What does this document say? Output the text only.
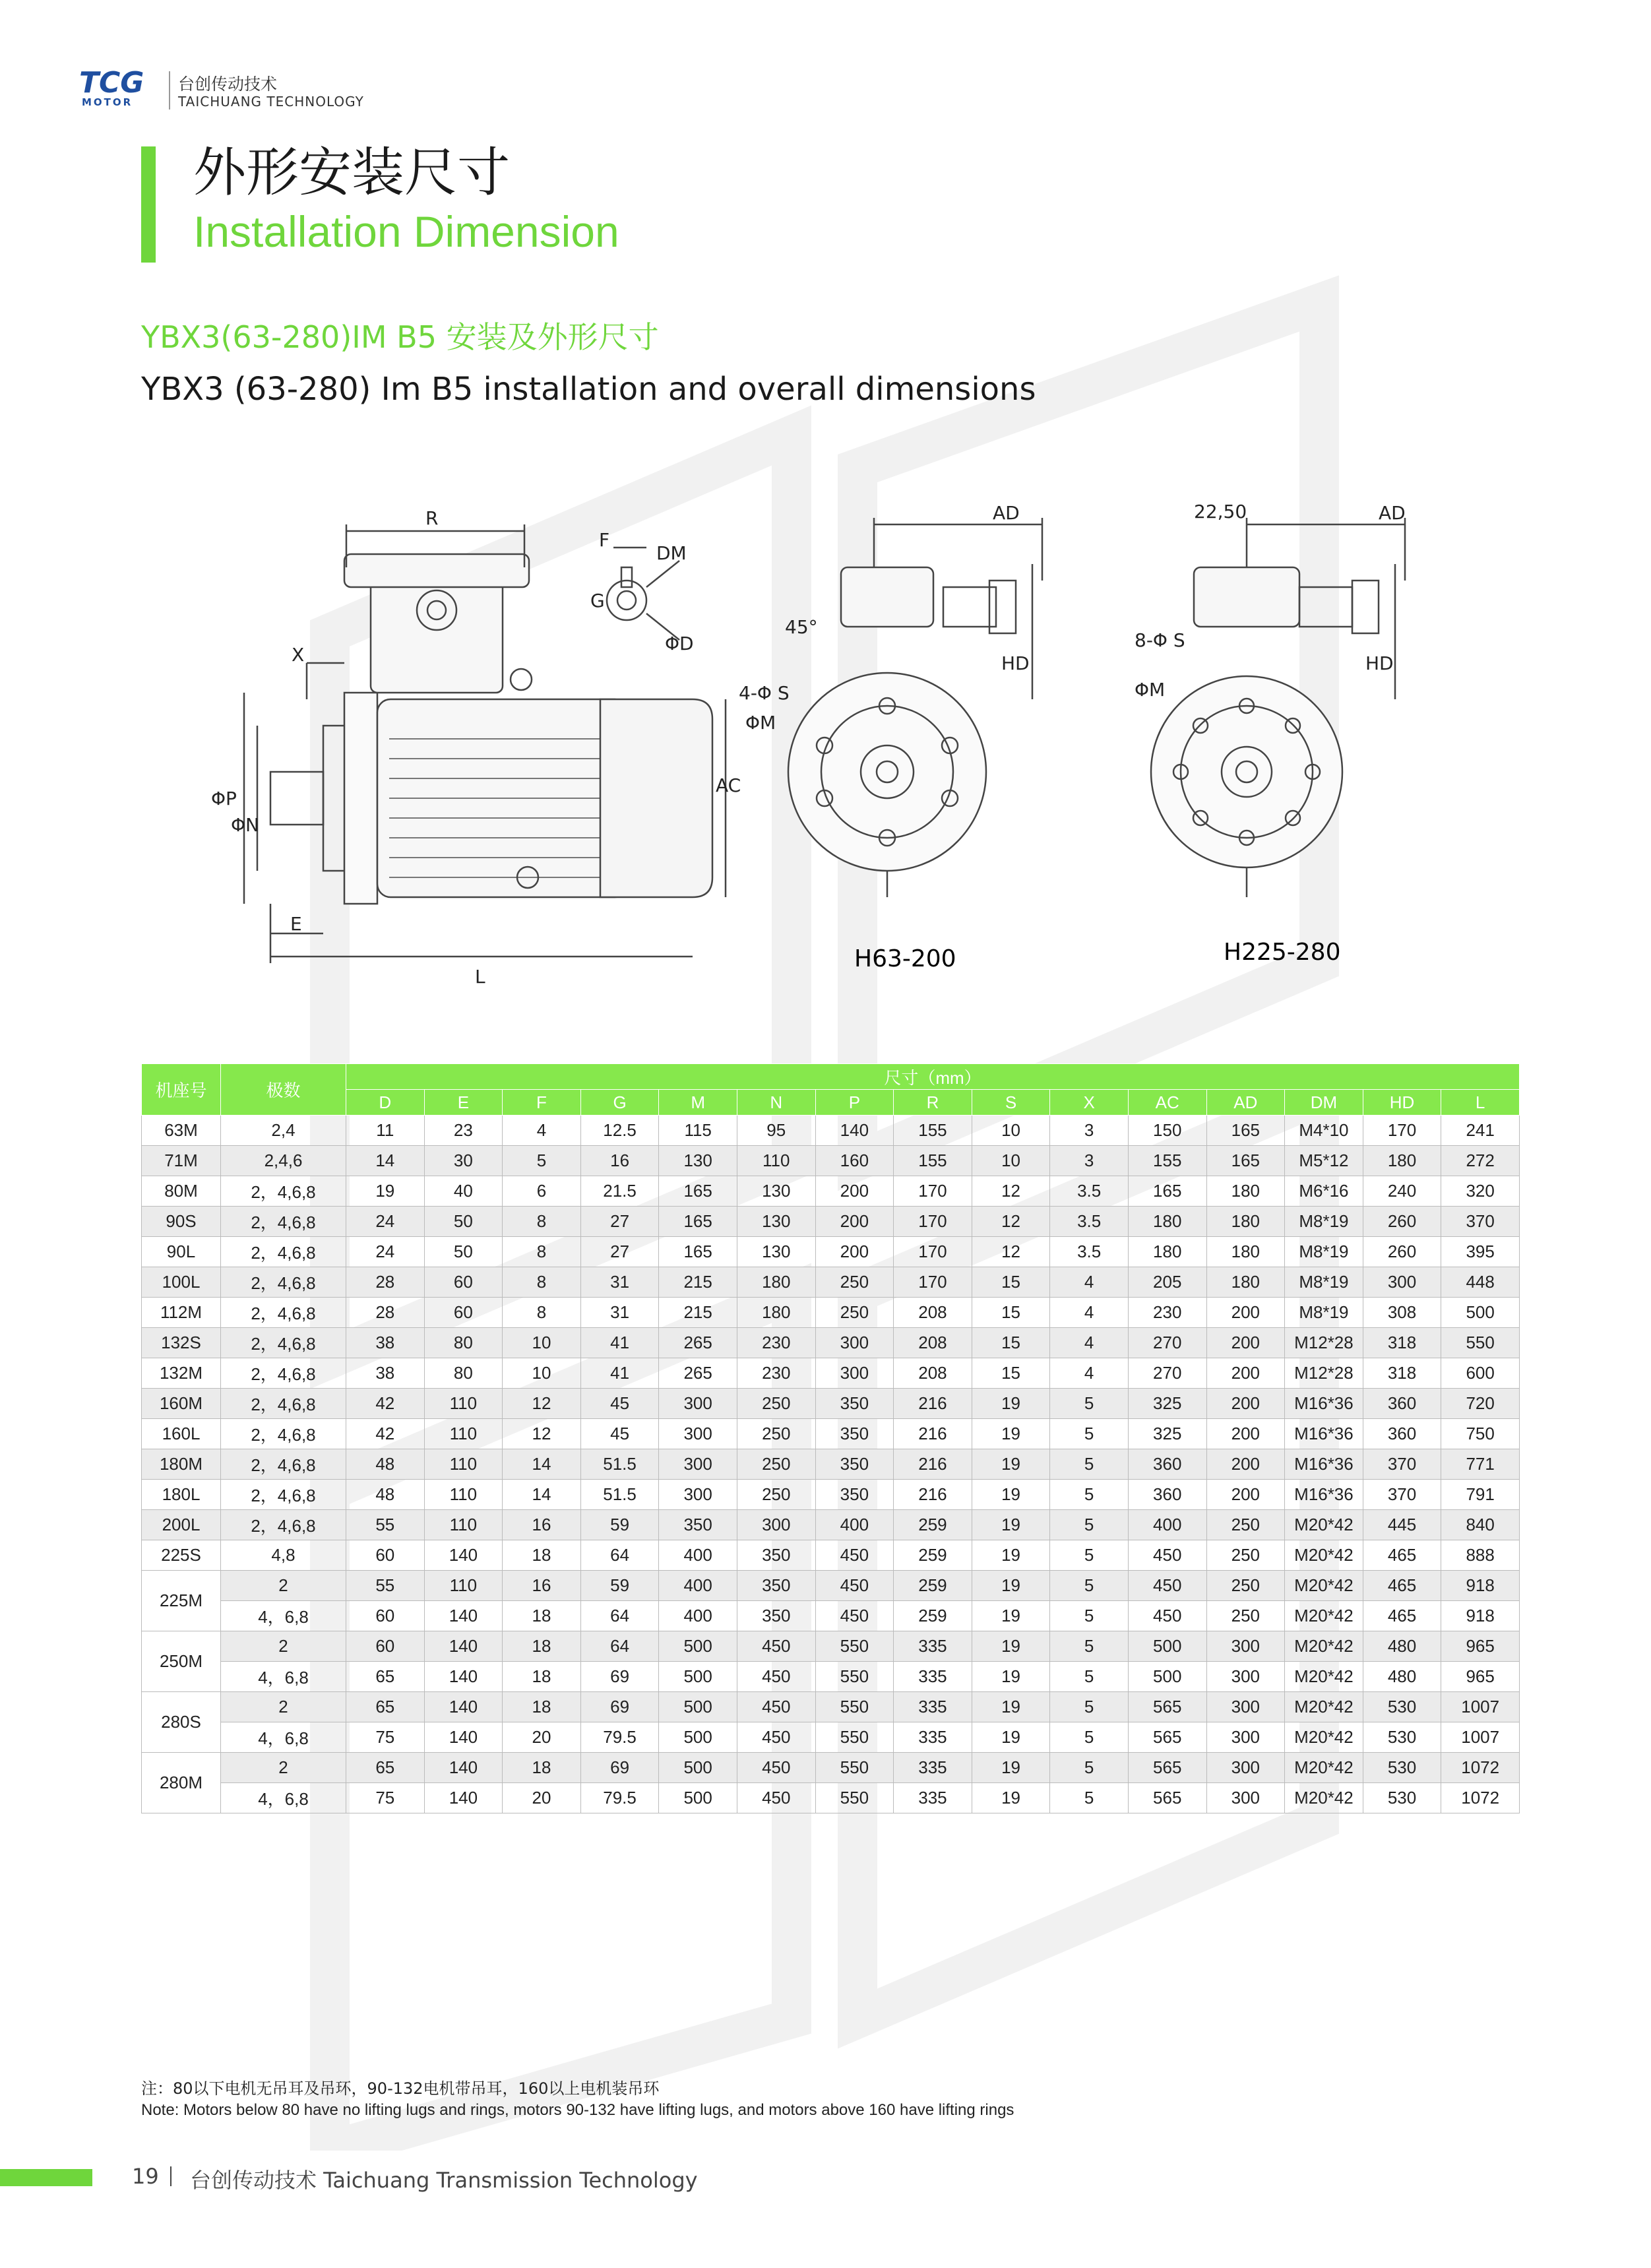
TCG
MOTOR
台创传动技术
TAICHUANG TECHNOLOGY
外形安装尺寸
Installation Dimension
YBX3(63-280)IM B5 安装及外形尺寸
YBX3 (63-280) Im B5 installation and overall dimensions
R
X
F
DM
G
ΦD
ΦP
ΦN
E
L
AC
AD
HD
45°
4-Φ S
ΦM
22,50	AD
HD
8-Φ S
ΦM
H63-200	H225-280
机座号	极数	尺寸（mm）														
		D	E	F	G	M	N	P	R	S	X	AC	AD	DM	HD	L
63M	2,4	11	23	4	12.5	115	95	140	155	10	3	150	165	M4*10	170	241
71M	2,4,6	14	30	5	16	130	110	160	155	10	3	155	165	M5*12	180	272
80M	2，4,6,8	19	40	6	21.5	165	130	200	170	12	3.5	165	180	M6*16	240	320
90S	2，4,6,8	24	50	8	27	165	130	200	170	12	3.5	180	180	M8*19	260	370
90L	2，4,6,8	24	50	8	27	165	130	200	170	12	3.5	180	180	M8*19	260	395
100L	2，4,6,8	28	60	8	31	215	180	250	170	15	4	205	180	M8*19	300	448
112M	2，4,6,8	28	60	8	31	215	180	250	208	15	4	230	200	M8*19	308	500
132S	2，4,6,8	38	80	10	41	265	230	300	208	15	4	270	200	M12*28	318	550
132M	2，4,6,8	38	80	10	41	265	230	300	208	15	4	270	200	M12*28	318	600
160M	2，4,6,8	42	110	12	45	300	250	350	216	19	5	325	200	M16*36	360	720
160L	2，4,6,8	42	110	12	45	300	250	350	216	19	5	325	200	M16*36	360	750
180M	2，4,6,8	48	110	14	51.5	300	250	350	216	19	5	360	200	M16*36	370	771
180L	2，4,6,8	48	110	14	51.5	300	250	350	216	19	5	360	200	M16*36	370	791
200L	2，4,6,8	55	110	16	59	350	300	400	259	19	5	400	250	M20*42	445	840
225S	4,8	60	140	18	64	400	350	450	259	19	5	450	250	M20*42	465	888
225M	2	55	110	16	59	400	350	450	259	19	5	450	250	M20*42	465	918
	4，6,8	60	140	18	64	400	350	450	259	19	5	450	250	M20*42	465	918
250M	2	60	140	18	64	500	450	550	335	19	5	500	300	M20*42	480	965
	4，6,8	65	140	18	69	500	450	550	335	19	5	500	300	M20*42	480	965
280S	2	65	140	18	69	500	450	550	335	19	5	565	300	M20*42	530	1007
	4，6,8	75	140	20	79.5	500	450	550	335	19	5	565	300	M20*42	530	1007
280M	2	65	140	18	69	500	450	550	335	19	5	565	300	M20*42	530	1072
	4，6,8	75	140	20	79.5	500	450	550	335	19	5	565	300	M20*42	530	1072
注：80以下电机无吊耳及吊环，90-132电机带吊耳，160以上电机装吊环
Note: Motors below 80 have no lifting lugs and rings, motors 90-132 have lifting lugs, and motors above 160 have lifting rings
19 台创传动技术 Taichuang Transmission Technology
